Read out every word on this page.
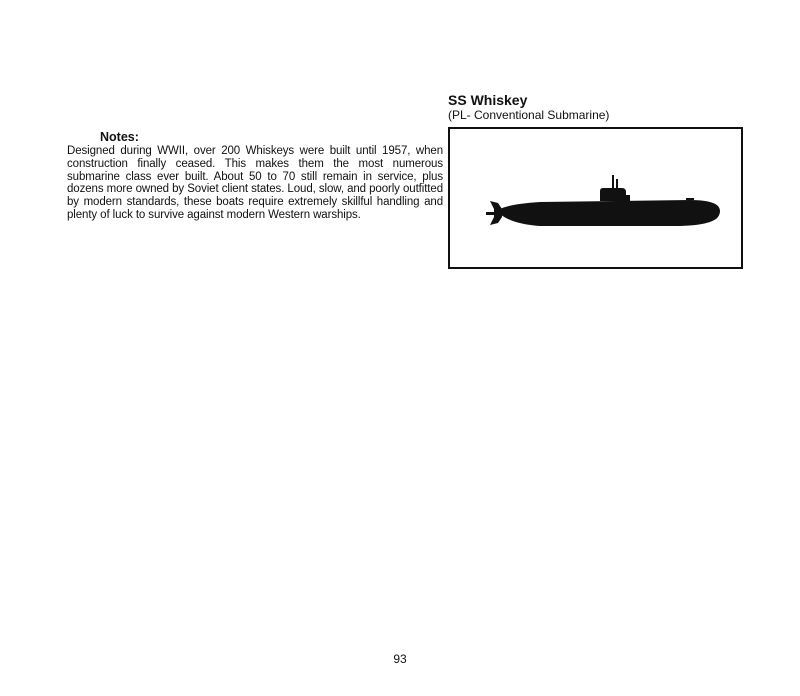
SS Whiskey

(PL- Conventional Submarine)

Notes:

Designed during WWII, over 200 Whiskeys were built until 1957, when construction finally ceased. This makes them the most numerous submarine class ever built. About 50 to 70 still remain in service, plus dozens more owned by Soviet client states. Loud, slow, and poorly outfitted by modern standards, these boats require extremely skillful handling and plenty of luck to survive against modern Western warships.

93
